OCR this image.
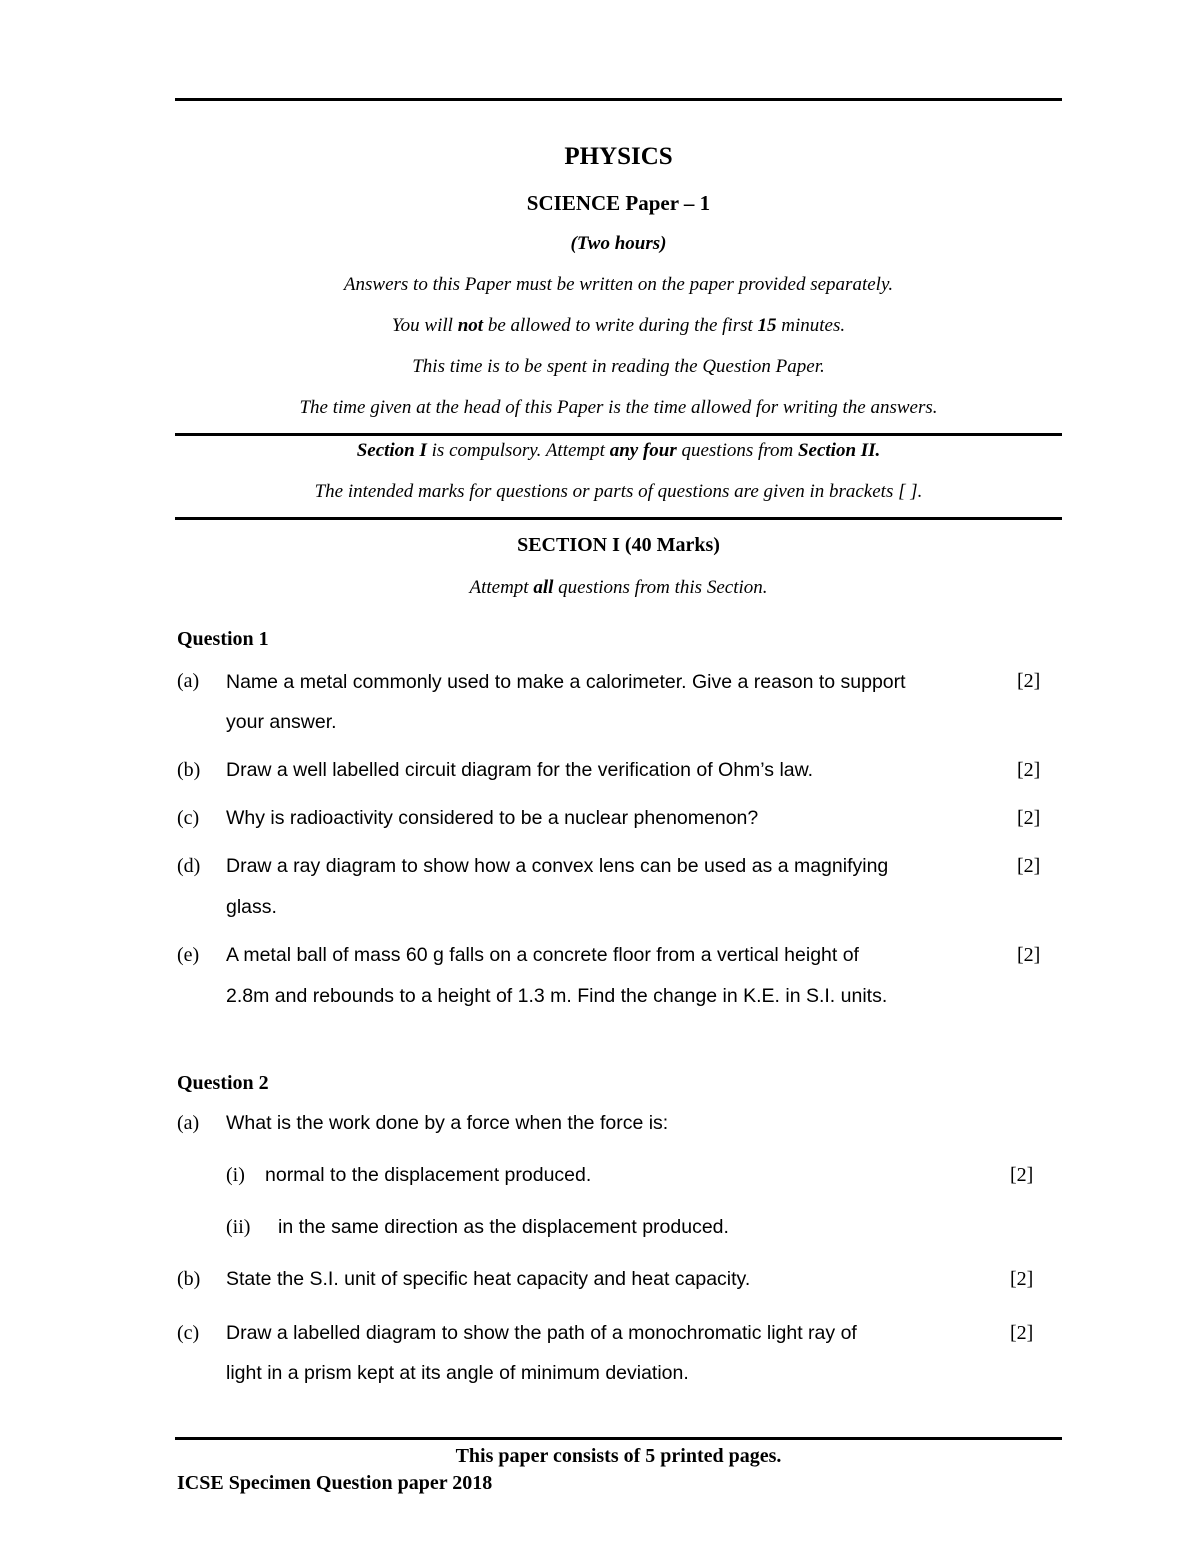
PHYSICS
SCIENCE Paper – 1
(Two hours)
Answers to this Paper must be written on the paper provided separately.
You will not be allowed to write during the first 15 minutes.
This time is to be spent in reading the Question Paper.
The time given at the head of this Paper is the time allowed for writing the answers.
Section I is compulsory. Attempt any four questions from Section II.
The intended marks for questions or parts of questions are given in brackets [ ].
SECTION I (40 Marks)
Attempt all questions from this Section.
Question 1
(a) Name a metal commonly used to make a calorimeter. Give a reason to support
your answer.
[2]
(b) Draw a well labelled circuit diagram for the verification of Ohm’s law.	[2]
(c) Why is radioactivity considered to be a nuclear phenomenon?	[2]
(d) Draw a ray diagram to show how a convex lens can be used as a magnifying
glass.
[2]
(e) A metal ball of mass 60 g falls on a concrete floor from a vertical height of
2.8m and rebounds to a height of 1.3 m. Find the change in K.E. in S.I. units.
[2]
Question 2
(a) What is the work done by a force when the force is:
(i) normal to the displacement produced.	[2]
(ii) in the same direction as the displacement produced.
(b) State the S.I. unit of specific heat capacity and heat capacity.	[2]
(c) Draw a labelled diagram to show the path of a monochromatic light ray of
light in a prism kept at its angle of minimum deviation.
[2]
This paper consists of 5 printed pages.
ICSE Specimen Question paper 2018
